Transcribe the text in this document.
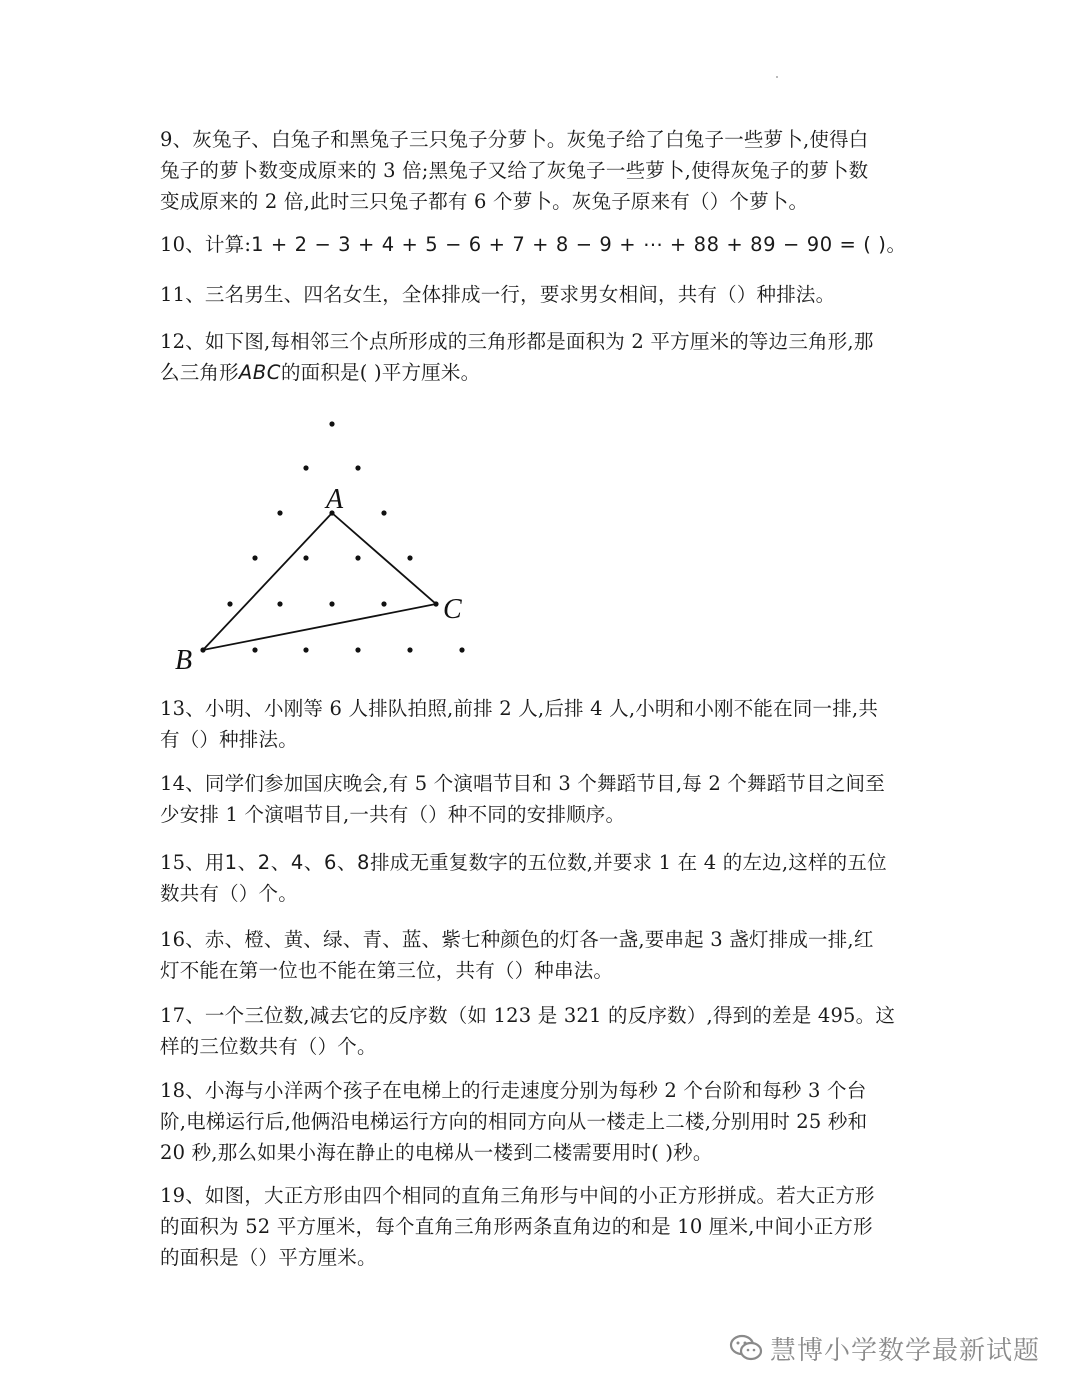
9、灰兔子、白兔子和黑兔子三只兔子分萝卜。灰兔子给了白兔子一些萝卜,使得白
兔子的萝卜数变成原来的 3 倍;黑兔子又给了灰兔子一些萝卜,使得灰兔子的萝卜数
变成原来的 2 倍,此时三只兔子都有 6 个萝卜。灰兔子原来有（）个萝卜。
10、计算:1 + 2 − 3 + 4 + 5 − 6 + 7 + 8 − 9 + ⋯ + 88 + 89 − 90 = ( )。
11、三名男生、四名女生，全体排成一行，要求男女相间，共有（）种排法。
12、如下图,每相邻三个点所形成的三角形都是面积为 2 平方厘米的等边三角形,那
么三角形ABC的面积是( )平方厘米。
A
C
B
13、小明、小刚等 6 人排队拍照,前排 2 人,后排 4 人,小明和小刚不能在同一排,共
有（）种排法。
14、同学们参加国庆晚会,有 5 个演唱节目和 3 个舞蹈节目,每 2 个舞蹈节目之间至
少安排 1 个演唱节目,一共有（）种不同的安排顺序。
15、用1、2、4、6、8排成无重复数字的五位数,并要求 1 在 4 的左边,这样的五位
数共有（）个。
16、赤、橙、黄、绿、青、蓝、紫七种颜色的灯各一盏,要串起 3 盏灯排成一排,红
灯不能在第一位也不能在第三位，共有（）种串法。
17、一个三位数,减去它的反序数（如 123 是 321 的反序数）,得到的差是 495。这
样的三位数共有（）个。
18、小海与小洋两个孩子在电梯上的行走速度分别为每秒 2 个台阶和每秒 3 个台
阶,电梯运行后,他俩沿电梯运行方向的相同方向从一楼走上二楼,分别用时 25 秒和
20 秒,那么如果小海在静止的电梯从一楼到二楼需要用时( )秒。
19、如图，大正方形由四个相同的直角三角形与中间的小正方形拼成。若大正方形
的面积为 52 平方厘米，每个直角三角形两条直角边的和是 10 厘米,中间小正方形
的面积是（）平方厘米。
慧博小学数学最新试题
